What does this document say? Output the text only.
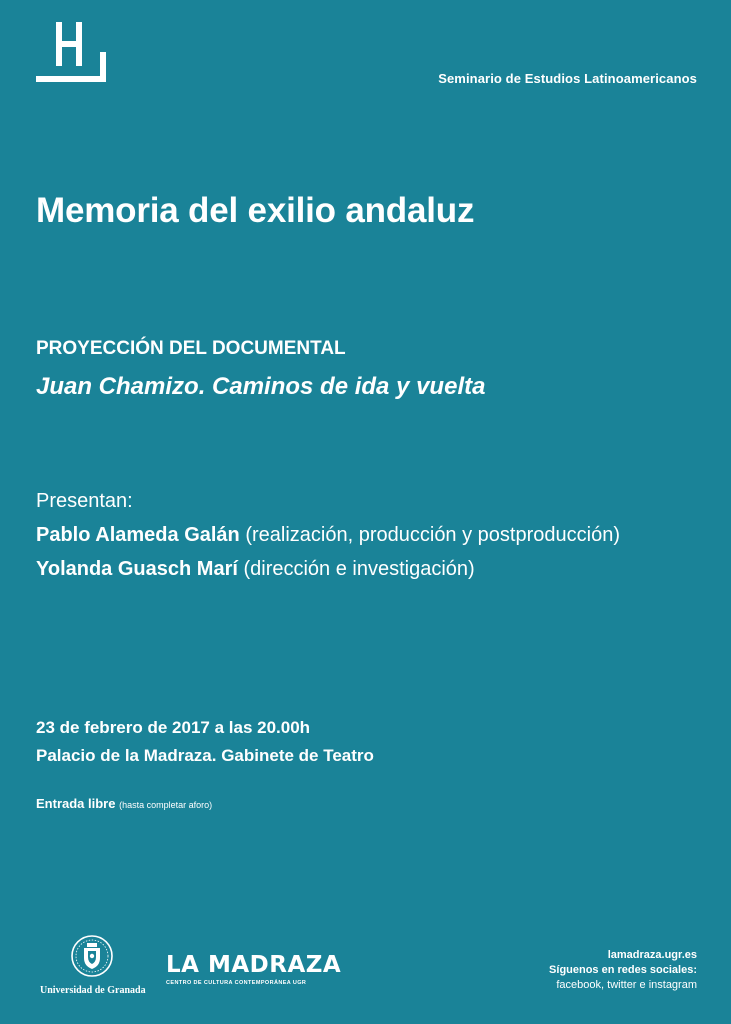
Seminario de Estudios Latinoamericanos
Memoria del exilio andaluz
PROYECCIÓN DEL DOCUMENTAL
Juan Chamizo. Caminos de ida y vuelta
Presentan:
Pablo Alameda Galán (realización, producción y postproducción)
Yolanda Guasch Marí (dirección e investigación)
23 de febrero de 2017 a las 20.00h
Palacio de la Madraza. Gabinete de Teatro
Entrada libre (hasta completar aforo)
Universidad de Granada
LA MADRAZA
CENTRO DE CULTURA CONTEMPORÁNEA UGR
lamadraza.ugr.es
Síguenos en redes sociales:
facebook, twitter e instagram
